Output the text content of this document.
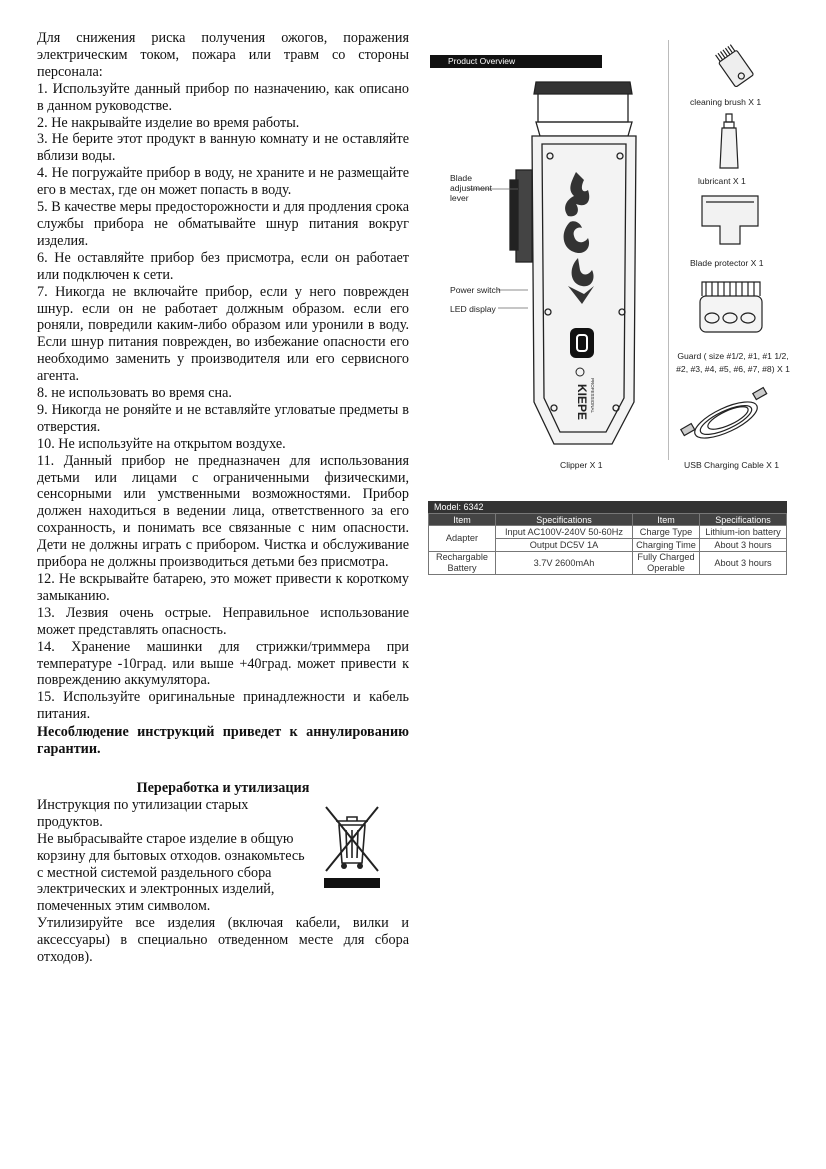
Для снижения риска получения ожогов, поражения электрическим током, пожара или травм со стороны персонала:

1. Используйте данный прибор по назначению, как описано в данном руководстве.

2. Не накрывайте изделие во время работы.

3. Не берите этот продукт в ванную комнату и не оставляйте вблизи воды.

4. Не погружайте прибор в воду, не храните и не размещайте его в местах, где он может попасть в воду.

5. В качестве меры предосторожности и для продления срока службы прибора не обматывайте шнур питания вокруг изделия.

6. Не оставляйте прибор без присмотра, если он работает или подключен к сети.

7. Никогда не включайте прибор, если у него поврежден шнур. если он не работает должным образом. если его роняли, повредили каким-либо образом или уронили в воду. Если шнур питания поврежден, во избежание опасности его необходимо заменить у производителя или его сервисного агента.

8. не использовать во время сна.

9. Никогда не роняйте и не вставляйте угловатые предметы в отверстия.

10. Не используйте на открытом воздухе.

11. Данный прибор не предназначен для использования детьми или лицами с ограниченными физическими, сенсорными или умственными возможностями. Прибор должен находиться в ведении лица, ответственного за его сохранность, и понимать все связанные с ним опасности. Дети не должны играть с прибором. Чистка и обслуживание прибора не должны производиться детьми без присмотра.

12. Не вскрывайте батарею, это может привести к короткому замыканию.

13. Лезвия очень острые. Неправильное использование может представлять опасность.

14. Хранение машинки для стрижки/триммера при температуре -10град. или выше +40град. может привести к повреждению аккумулятора.

15. Используйте оригинальные принадлежности и кабель питания.

Несоблюдение инструкций приведет к аннулированию гарантии.

Переработка и утилизация

Инструкция по утилизации старых продуктов.

Не выбрасывайте старое изделие в общую корзину для бытовых отходов. ознакомьтесь с местной системой раздельного сбора электрических и электронных изделий, помеченных этим символом.

Утилизируйте все изделия (включая кабели, вилки и аксессуары) в специально отведенном месте для сбора отходов).

Product Overview
KIEPE PROFESSIONAL
Blade adjustment lever
Power switch
LED display
Clipper X 1
cleaning brush X 1
lubricant X 1
Blade protector X 1
Guard ( size #1/2, #1, #1 1/2,
#2, #3, #4, #5, #6, #7, #8) X 1
USB Charging Cable X 1
Model: 6342
Item	Specifications	Item	Specifications
Adapter	Input AC100V-240V 50-60Hz	Charge Type	Lithium-ion battery
	Output DC5V 1A	Charging Time	About 3 hours
Rechargable Battery	3.7V 2600mAh	Fully Charged Operable	About 3 hours
